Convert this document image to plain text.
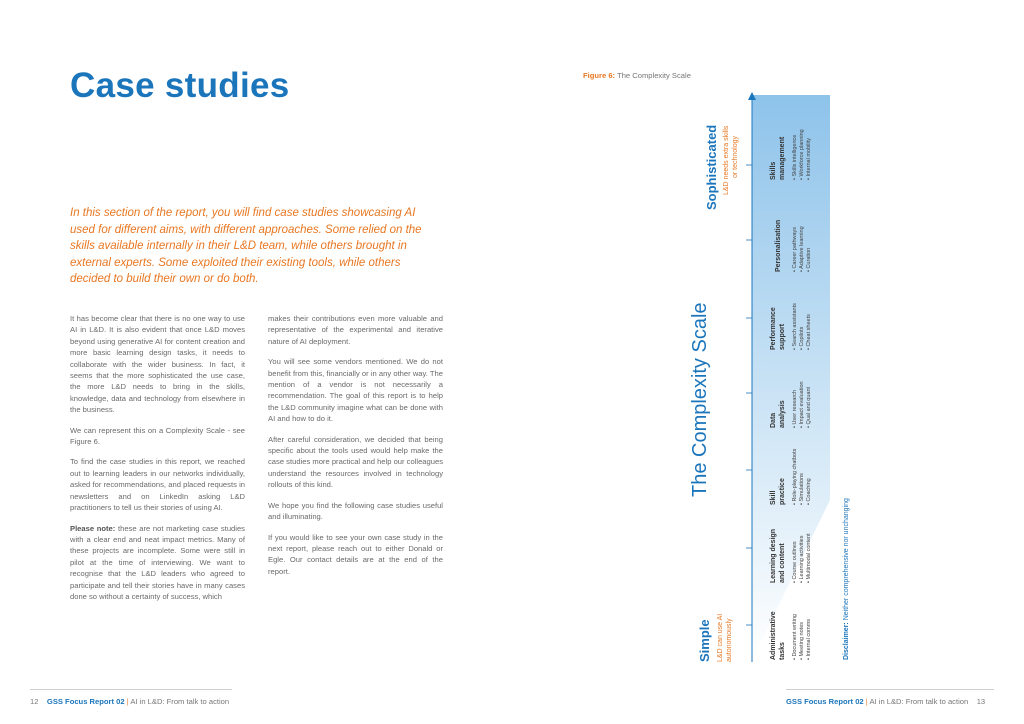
Case studies
In this section of the report, you will find case studies showcasing AI used for different aims, with different approaches. Some relied on the skills available internally in their L&D team, while others brought in external experts. Some exploited their existing tools, while others decided to build their own or do both.

It has become clear that there is no one way to use AI in L&D. It is also evident that once L&D moves beyond using generative AI for content creation and more basic learning design tasks, it needs to collaborate with the wider business. In fact, it seems that the more sophisticated the use case, the more L&D needs to bring in the skills, knowledge, data and technology from elsewhere in the business.

We can represent this on a Complexity Scale - see Figure 6.

To find the case studies in this report, we reached out to learning leaders in our networks individually, asked for recommendations, and placed requests in newsletters and on LinkedIn asking L&D practitioners to tell us their stories of using AI.

Please note: these are not marketing case studies with a clear end and neat impact metrics. Many of these projects are incomplete. Some were still in pilot at the time of interviewing. We want to recognise that the L&D leaders who agreed to participate and tell their stories have in many cases done so without a certainty of success, which

makes their contributions even more valuable and representative of the experimental and iterative nature of AI deployment.

You will see some vendors mentioned. We do not benefit from this, financially or in any other way. The mention of a vendor is not necessarily a recommendation. The goal of this report is to help the L&D community imagine what can be done with AI and how to do it.

After careful consideration, we decided that being specific about the tools used would help make the case studies more practical and help our colleagues understand the resources involved in technology rollouts of this kind.

We hope you find the following case studies useful and illuminating.

If you would like to see your own case study in the next report, please reach out to either Donald or Egle. Our contact details are at the end of the report.

12 GSS Focus Report 02 | AI in L&D: From talk to action
Figure 6: The Complexity Scale
Simple L&D can use AI autonomously
Sophisticated L&D needs extra skills or technology
The Complexity Scale
Administrative tasks • Document writing • Meeting notes • Internal comms
Learning design and content • Course outlines • Learning activities • Multimodal content
Skill practice • Role-playing chatbots • Simulations • Coaching
Data analysis • User research • Impact evaluation • Qual and quant
Performance support • Search assistants • Copilots • Cheat sheets
Personalisation • Career pathways • Adaptive learning • Curation
Skills management • Skills intelligence • Workforce planning • Internal mobility
Disclaimer: Neither comprehensive nor unchanging
GSS Focus Report 02 | AI in L&D: From talk to action 13
